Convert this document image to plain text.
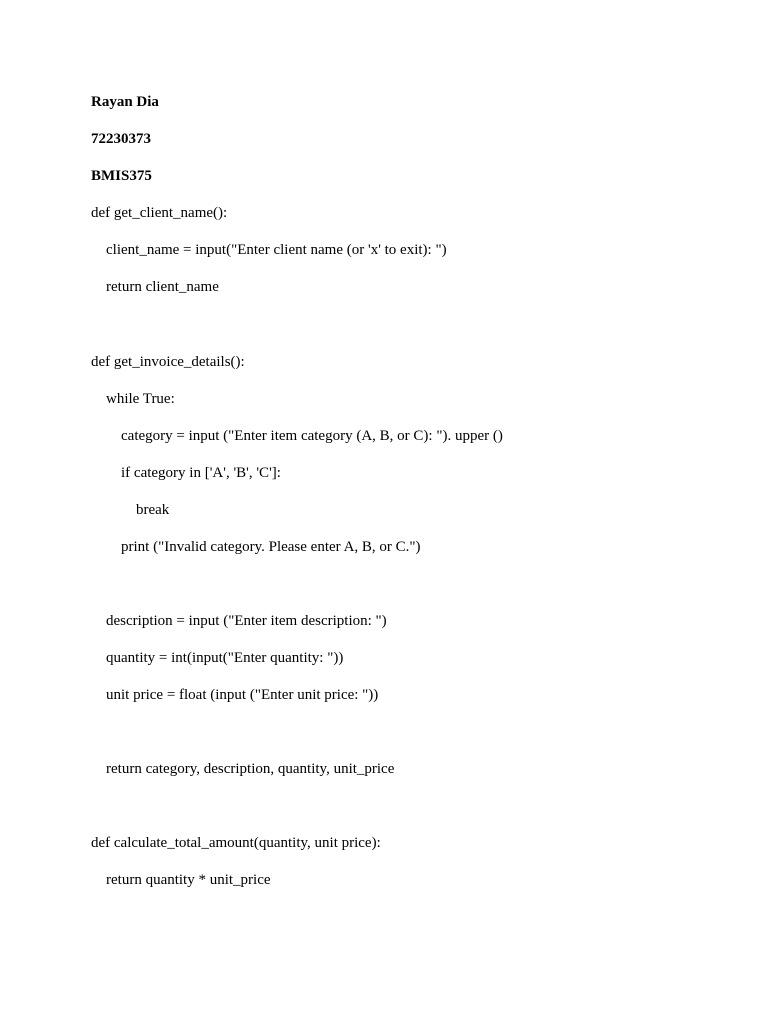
Rayan Dia
72230373
BMIS375
def get_client_name():
client_name = input("Enter client name (or 'x' to exit): ")
return client_name
def get_invoice_details():
while True:
category = input ("Enter item category (A, B, or C): "). upper ()
if category in ['A', 'B', 'C']:
break
print ("Invalid category. Please enter A, B, or C.")
description = input ("Enter item description: ")
quantity = int(input("Enter quantity: "))
unit price = float (input ("Enter unit price: "))
return category, description, quantity, unit_price
def calculate_total_amount(quantity, unit price):
return quantity * unit_price
